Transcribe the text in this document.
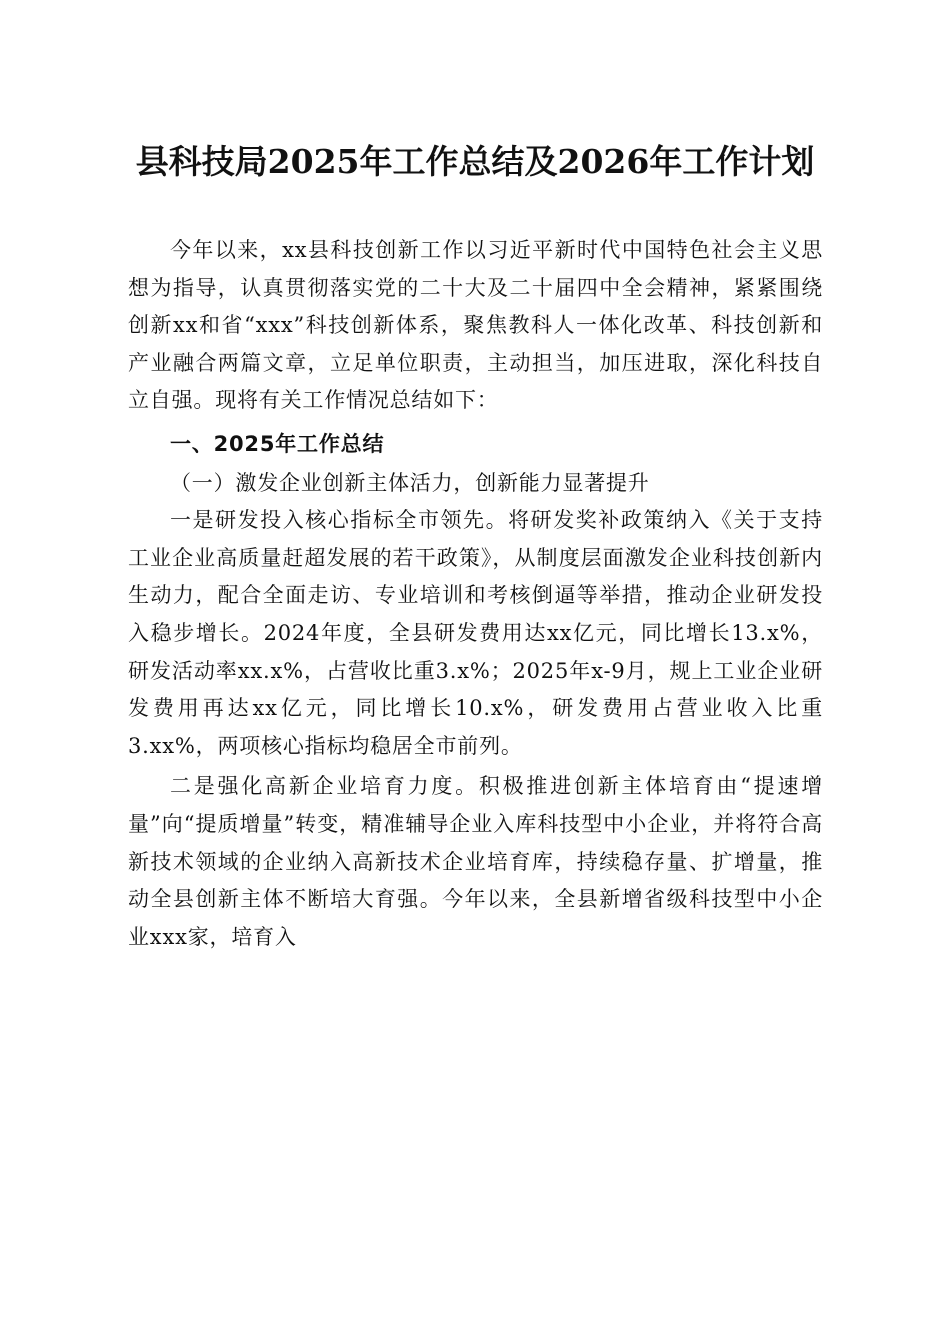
县科技局2025年工作总结及2026年工作计划

今年以来，xx县科技创新工作以习近平新时代中国特色社会主义思想为指导，认真贯彻落实党的二十大及二十届四中全会精神，紧紧围绕创新xx和省“xxx”科技创新体系，聚焦教科人一体化改革、科技创新和产业融合两篇文章，立足单位职责，主动担当，加压进取，深化科技自立自强。现将有关工作情况总结如下：

一、2025年工作总结

（一）激发企业创新主体活力，创新能力显著提升

一是研发投入核心指标全市领先。将研发奖补政策纳入《关于支持工业企业高质量赶超发展的若干政策》，从制度层面激发企业科技创新内生动力，配合全面走访、专业培训和考核倒逼等举措，推动企业研发投入稳步增长。2024年度，全县研发费用达xx亿元，同比增长13.x%，研发活动率xx.x%，占营收比重3.x%；2025年x-9月，规上工业企业研发费用再达xx亿元，同比增长10.x%，研发费用占营业收入比重3.xx%，两项核心指标均稳居全市前列。

二是强化高新企业培育力度。积极推进创新主体培育由“提速增量”向“提质增量”转变，精准辅导企业入库科技型中小企业，并将符合高新技术领域的企业纳入高新技术企业培育库，持续稳存量、扩增量，推动全县创新主体不断培大育强。今年以来，全县新增省级科技型中小企业xxx家，培育入
